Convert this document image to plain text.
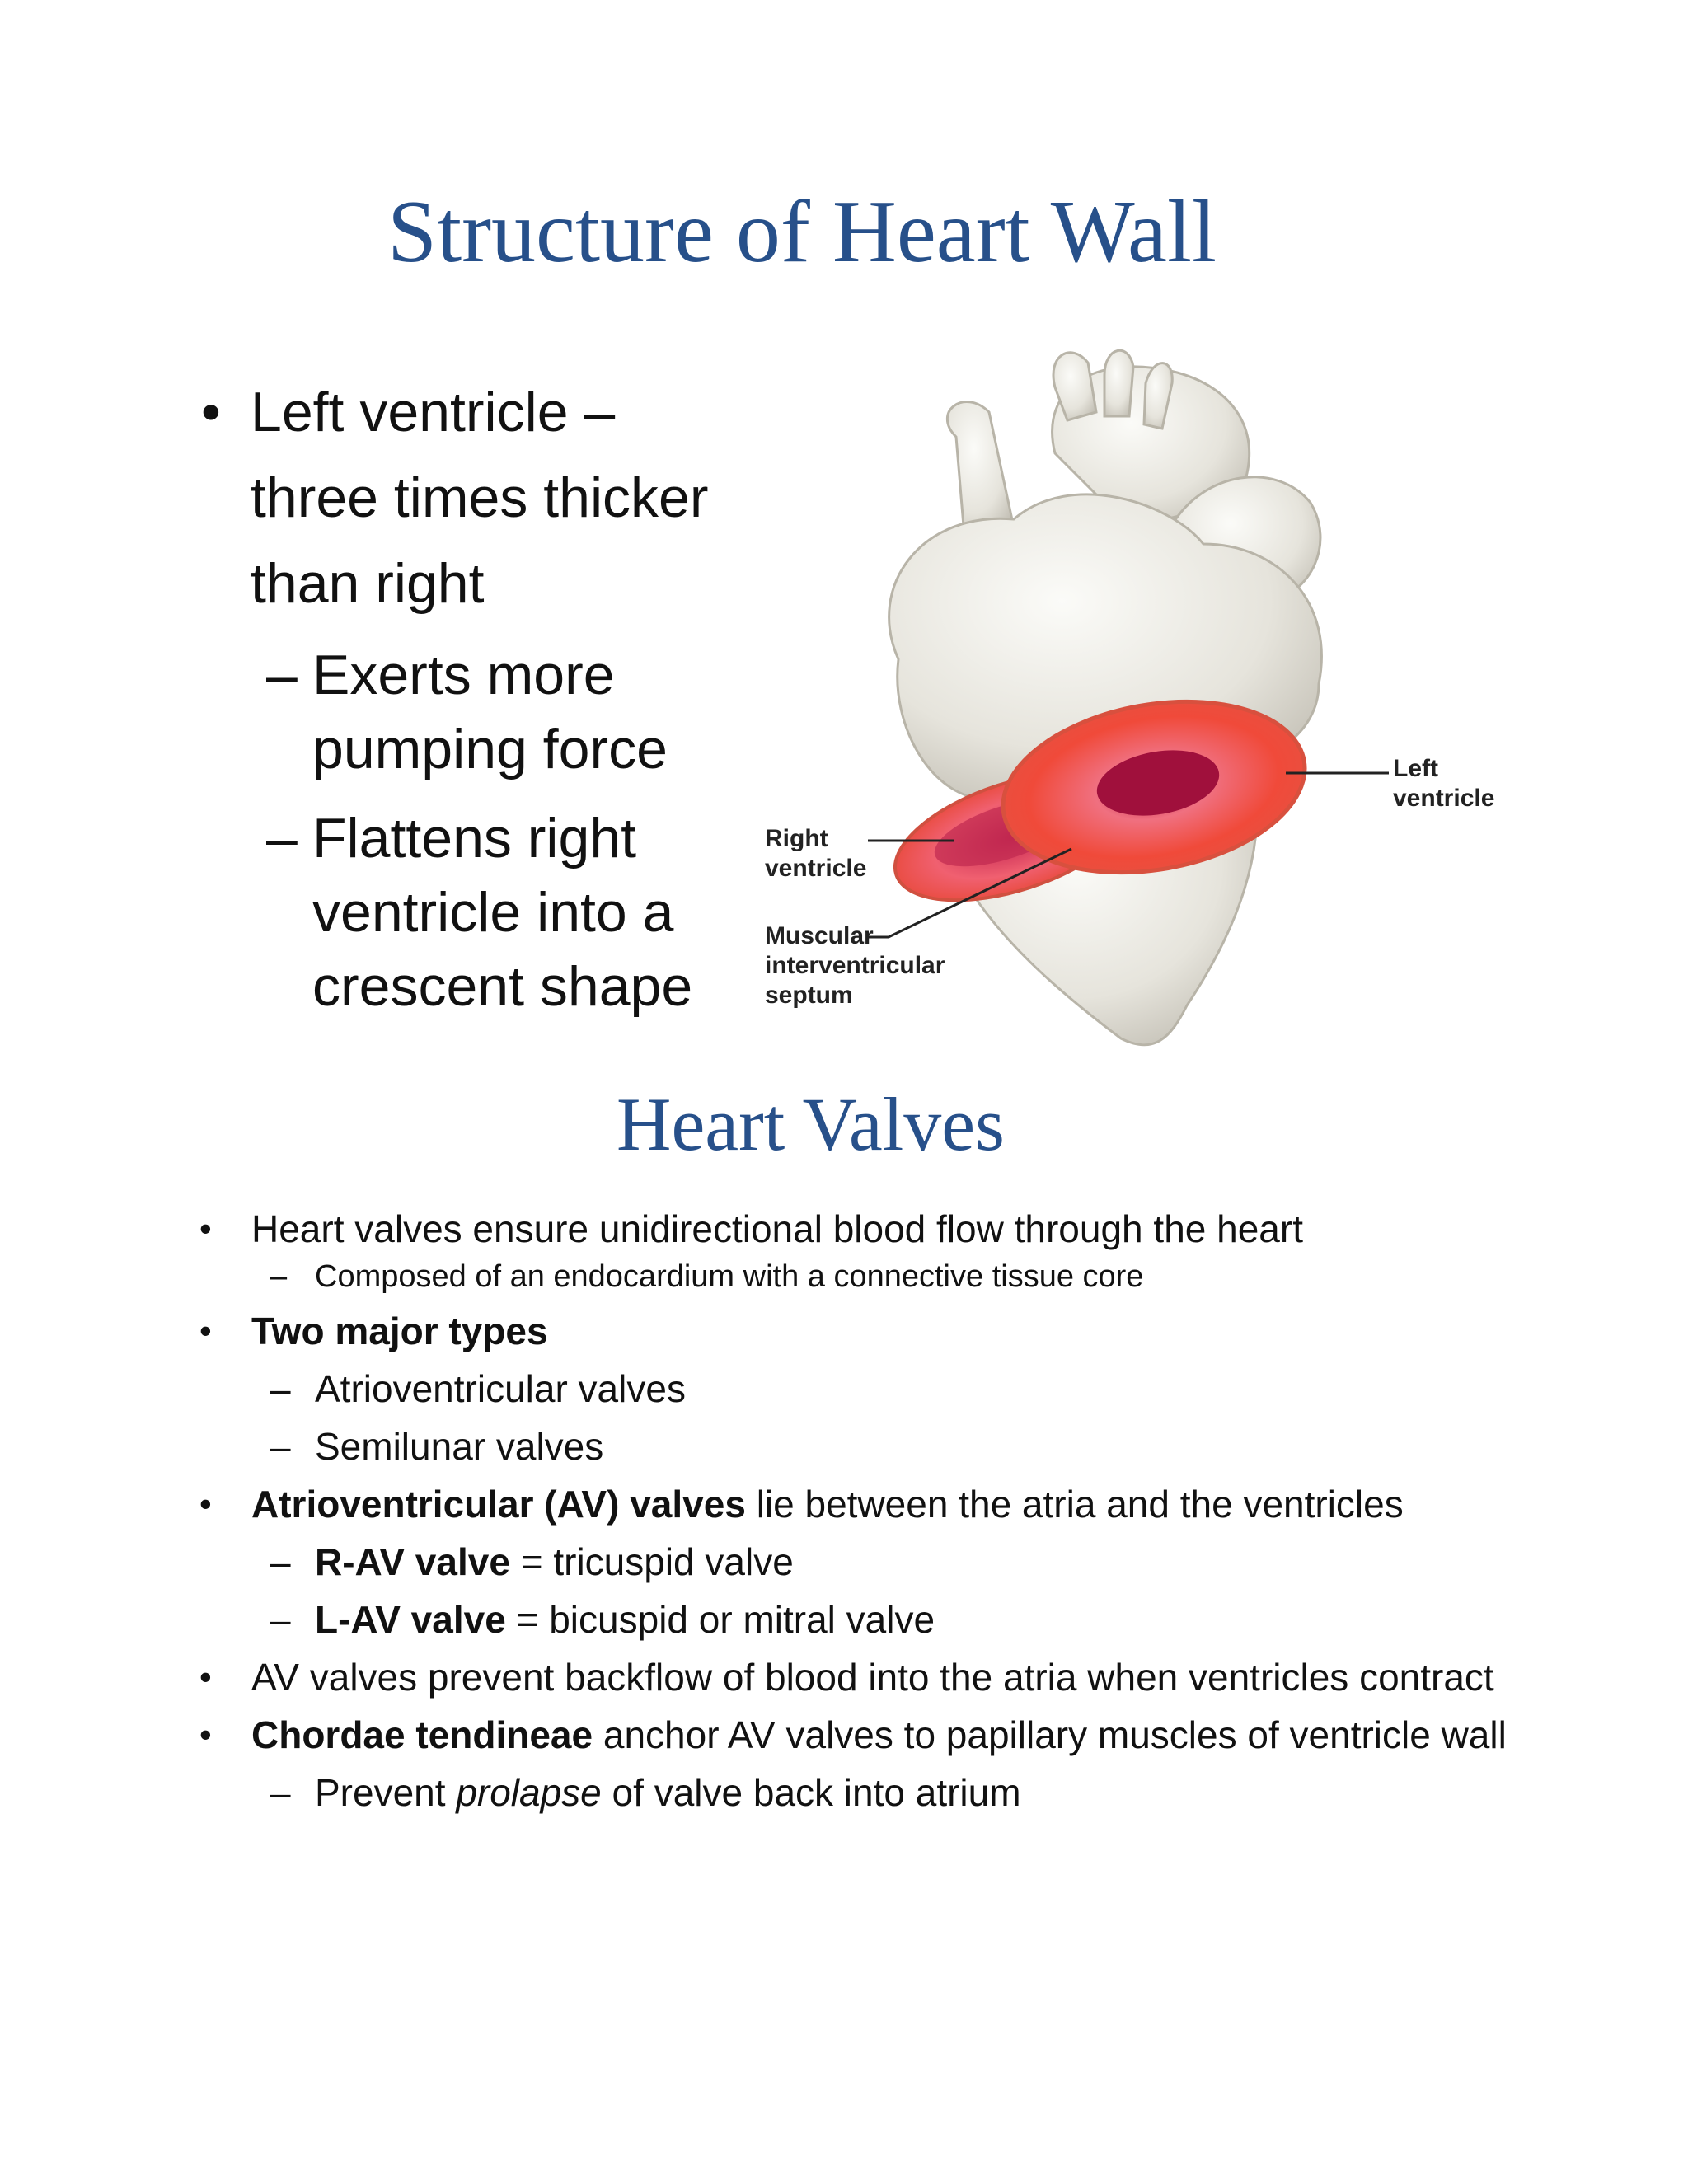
Structure of Heart Wall
• Left ventricle –
three times thicker
than right
– Exerts more
pumping force
– Flattens right
ventricle into a
crescent shape
Left
ventricle
Right
ventricle
Muscular
interventricular
septum
Heart Valves
• Heart valves ensure unidirectional blood flow through the heart
– Composed of an endocardium with a connective tissue core
• Two major types
– Atrioventricular valves
– Semilunar valves
• Atrioventricular (AV) valves lie between the atria and the ventricles
– R-AV valve = tricuspid valve
– L-AV valve = bicuspid or mitral valve
• AV valves prevent backflow of blood into the atria when ventricles contract
• Chordae tendineae anchor AV valves to papillary muscles of ventricle wall
– Prevent prolapse of valve back into atrium
